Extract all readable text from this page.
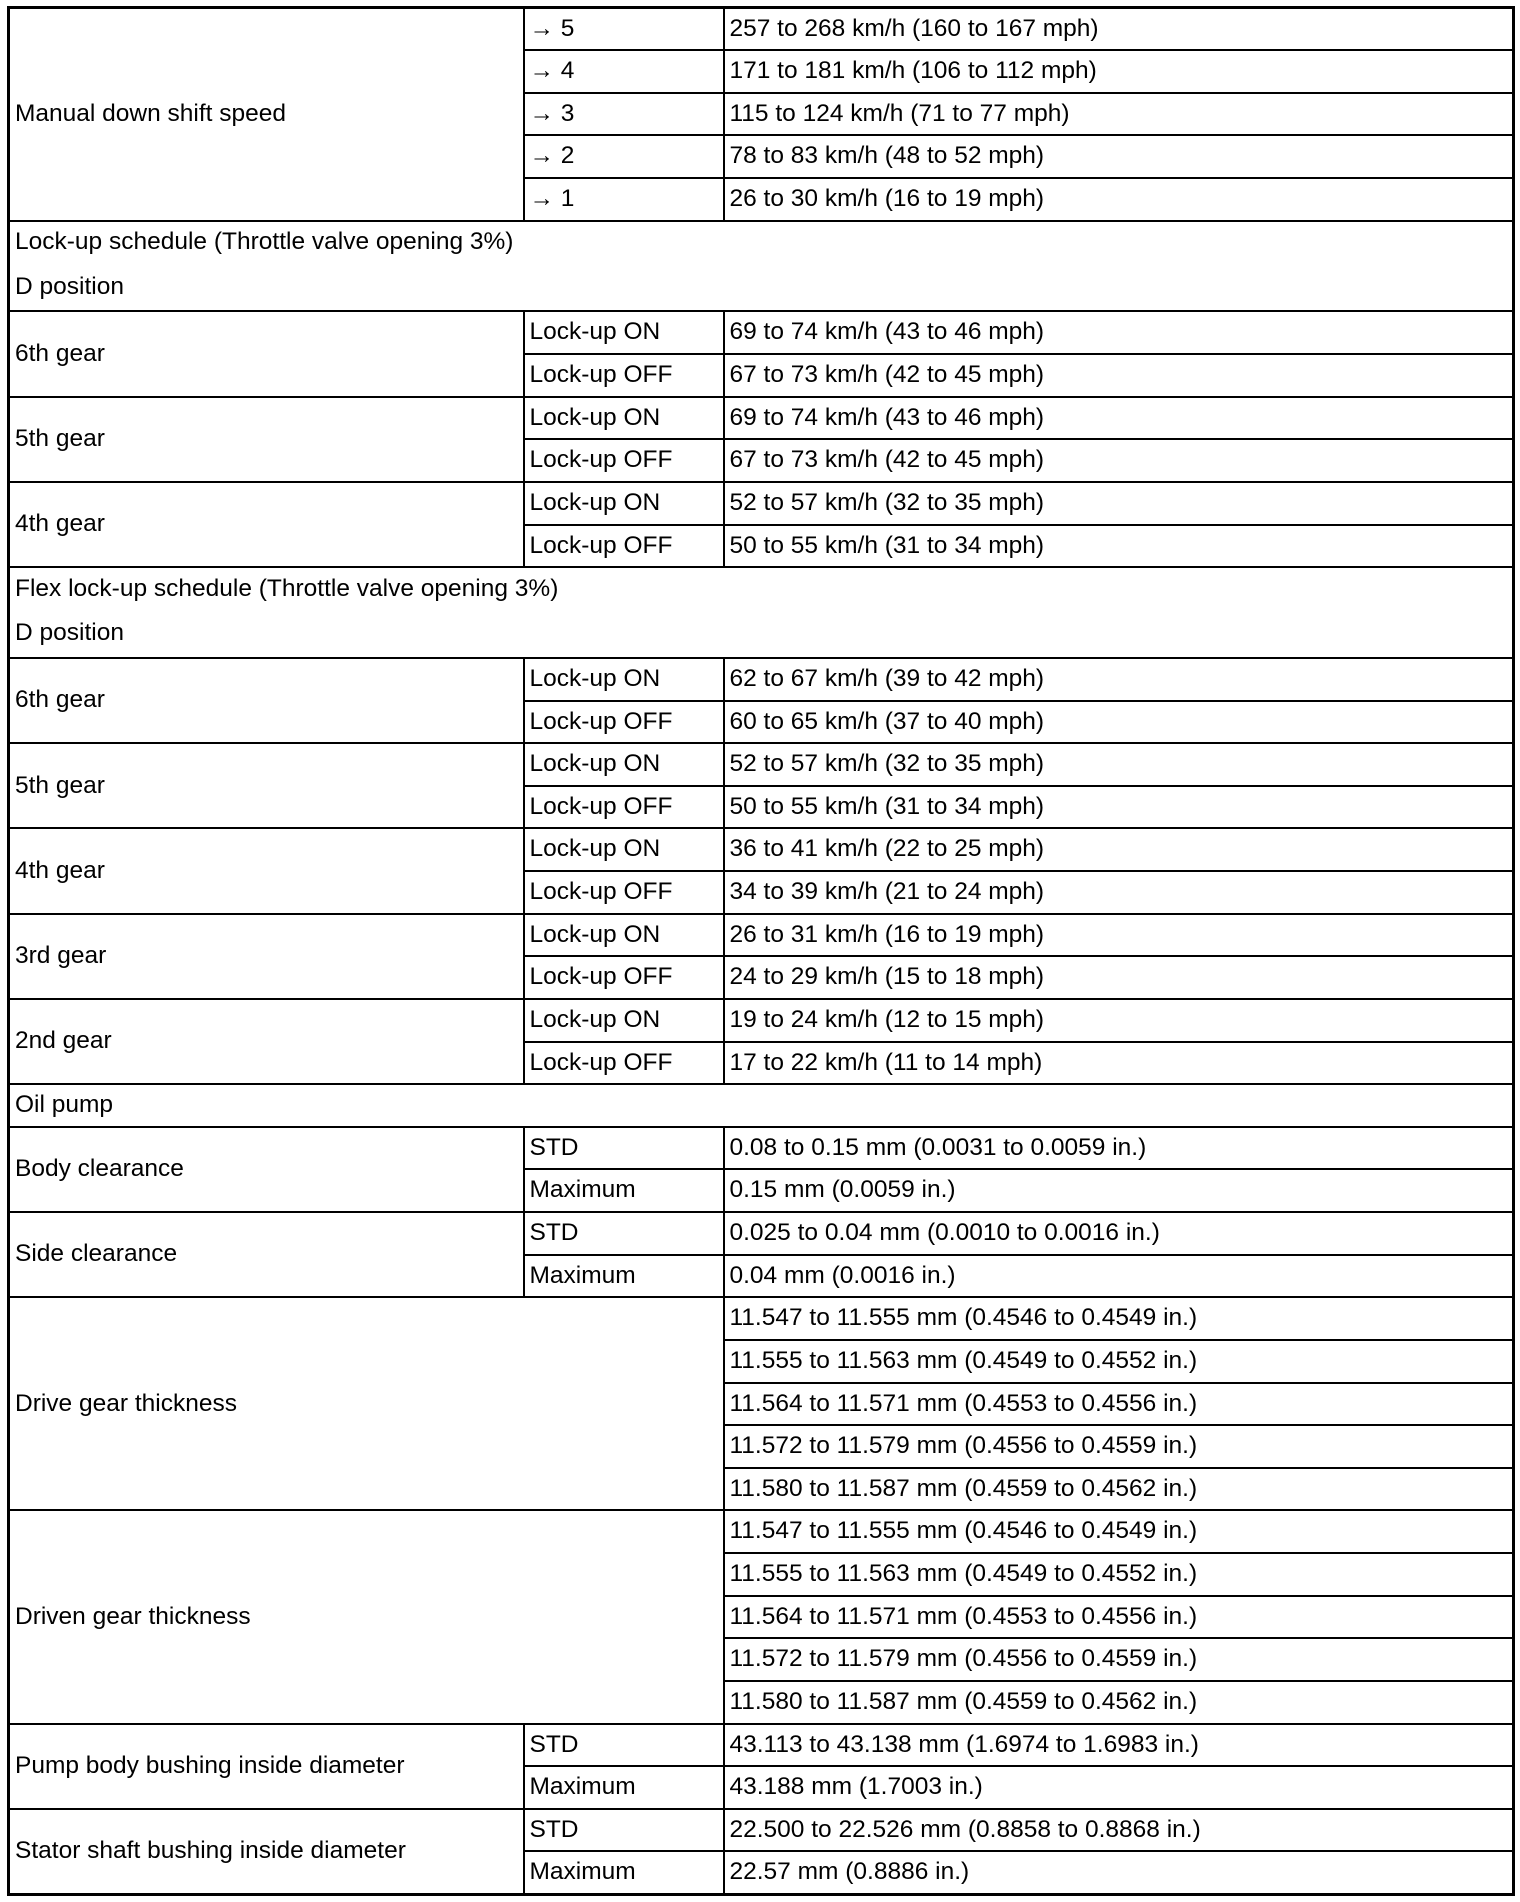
Manual down shift speed	→ 5	257 to 268 km/h (160 to 167 mph)
	→ 4	171 to 181 km/h (106 to 112 mph)
	→ 3	115 to 124 km/h (71 to 77 mph)
	→ 2	78 to 83 km/h (48 to 52 mph)
	→ 1	26 to 30 km/h (16 to 19 mph)
Lock-up schedule (Throttle valve opening 3%)		
D position		
6th gear	Lock-up ON	69 to 74 km/h (43 to 46 mph)
	Lock-up OFF	67 to 73 km/h (42 to 45 mph)
5th gear	Lock-up ON	69 to 74 km/h (43 to 46 mph)
	Lock-up OFF	67 to 73 km/h (42 to 45 mph)
4th gear	Lock-up ON	52 to 57 km/h (32 to 35 mph)
	Lock-up OFF	50 to 55 km/h (31 to 34 mph)
Flex lock-up schedule (Throttle valve opening 3%)		
D position		
6th gear	Lock-up ON	62 to 67 km/h (39 to 42 mph)
	Lock-up OFF	60 to 65 km/h (37 to 40 mph)
5th gear	Lock-up ON	52 to 57 km/h (32 to 35 mph)
	Lock-up OFF	50 to 55 km/h (31 to 34 mph)
4th gear	Lock-up ON	36 to 41 km/h (22 to 25 mph)
	Lock-up OFF	34 to 39 km/h (21 to 24 mph)
3rd gear	Lock-up ON	26 to 31 km/h (16 to 19 mph)
	Lock-up OFF	24 to 29 km/h (15 to 18 mph)
2nd gear	Lock-up ON	19 to 24 km/h (12 to 15 mph)
	Lock-up OFF	17 to 22 km/h (11 to 14 mph)
Oil pump		
Body clearance	STD	0.08 to 0.15 mm (0.0031 to 0.0059 in.)
	Maximum	0.15 mm (0.0059 in.)
Side clearance	STD	0.025 to 0.04 mm (0.0010 to 0.0016 in.)
	Maximum	0.04 mm (0.0016 in.)
Drive gear thickness		11.547 to 11.555 mm (0.4546 to 0.4549 in.)
		11.555 to 11.563 mm (0.4549 to 0.4552 in.)
		11.564 to 11.571 mm (0.4553 to 0.4556 in.)
		11.572 to 11.579 mm (0.4556 to 0.4559 in.)
		11.580 to 11.587 mm (0.4559 to 0.4562 in.)
Driven gear thickness		11.547 to 11.555 mm (0.4546 to 0.4549 in.)
		11.555 to 11.563 mm (0.4549 to 0.4552 in.)
		11.564 to 11.571 mm (0.4553 to 0.4556 in.)
		11.572 to 11.579 mm (0.4556 to 0.4559 in.)
		11.580 to 11.587 mm (0.4559 to 0.4562 in.)
Pump body bushing inside diameter	STD	43.113 to 43.138 mm (1.6974 to 1.6983 in.)
	Maximum	43.188 mm (1.7003 in.)
Stator shaft bushing inside diameter	STD	22.500 to 22.526 mm (0.8858 to 0.8868 in.)
	Maximum	22.57 mm (0.8886 in.)
